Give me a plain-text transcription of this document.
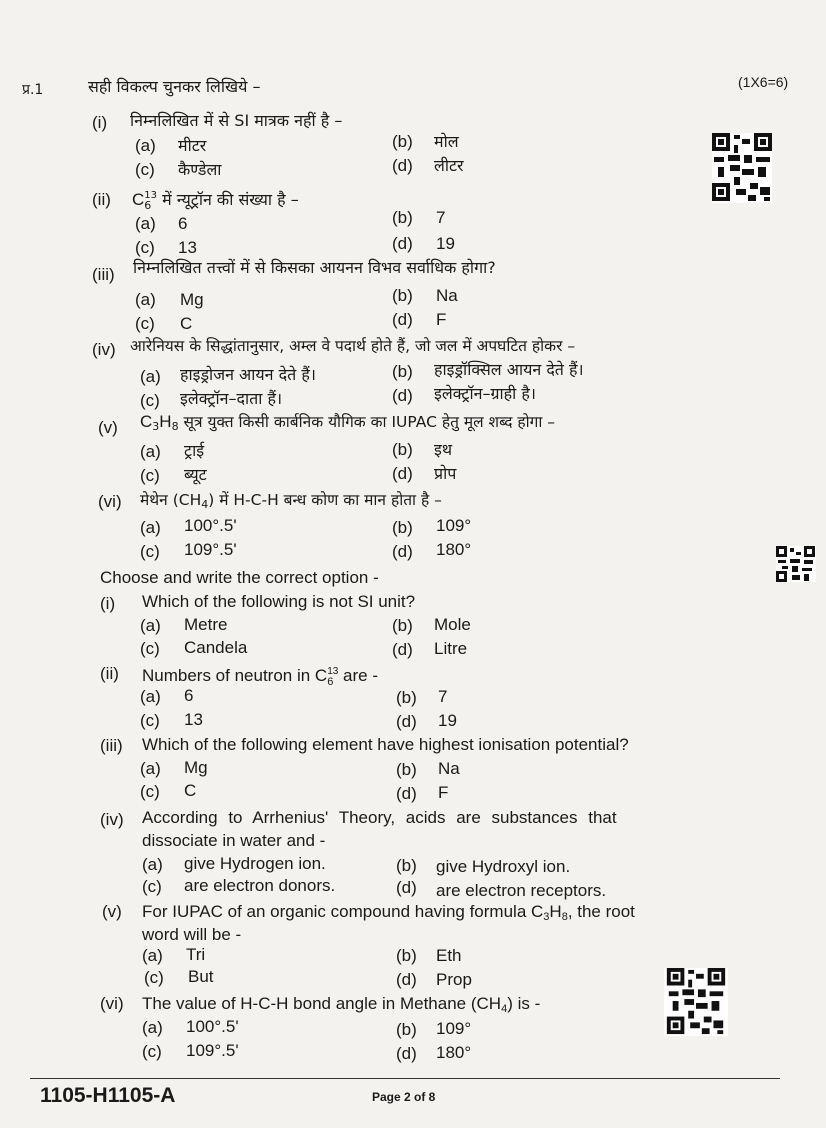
प्र.1	सही विकल्प चुनकर लिखिये –	(1X6=6)
(i) निम्नलिखित में से SI मात्रक नहीं है –
(a) मीटर	(b) मोल
(c) कैण्डेला	(d) लीटर
(ii) $C^{13}$
6 में न्यूट्रॉन की संख्या है –
(a) 6	(b) 7
(c) 13	(d) 19
(iii) निम्नलिखित तत्त्वों में से किसका आयनन विभव सर्वाधिक होगा?
(a) Mg	(b) Na
(c) C	(d) F
(iv) आरेनियस के सिद्धांतानुसार, अम्ल वे पदार्थ होते हैं, जो जल में अपघटित होकर –
(a) हाइड्रोजन आयन देते हैं।	(b) हाइड्रॉक्सिल आयन देते हैं।
(c) इलेक्ट्रॉन–दाता हैं।	(d) इलेक्ट्रॉन–ग्राही है।
(v) $C_3H_8$ सूत्र युक्त किसी कार्बनिक यौगिक का IUPAC हेतु मूल शब्द होगा –
(a) ट्राई	(b) इथ
(c) ब्यूट	(d) प्रोप
(vi) मेथेन $(CH_4)$ में H-C-H बन्ध कोण का मान होता है –
(a) 100°.5'	(b) 109°
(c) 109°.5'	(d) 180°
Choose and write the correct option -
(i) Which of the following is not SI unit?
(a) Metre	(b) Mole
(c) Candela	(d) Litre
(ii) Numbers of neutron in $C^{13}$
6 are -
(a) 6	(b) 7
(c) 13	(d) 19
(iii) Which of the following element have highest ionisation potential?
(a) Mg	(b) Na
(c) C	(d) F
(iv) According to Arrhenius' Theory, acids are substances that
dissociate in water and -
(a) give Hydrogen ion.	(b) give Hydroxyl ion.
(c) are electron donors.	(d) are electron receptors.
(v) For IUPAC of an organic compound having formula $C_3H_8$, the root
word will be -
(a) Tri	(b) Eth
(c) But	(d) Prop
(vi) The value of H-C-H bond angle in Methane $(CH_4)$ is -
(a) 100°.5'	(b) 109°
(c) 109°.5'	(d) 180°
1105-H1105-A	Page 2 of 8
